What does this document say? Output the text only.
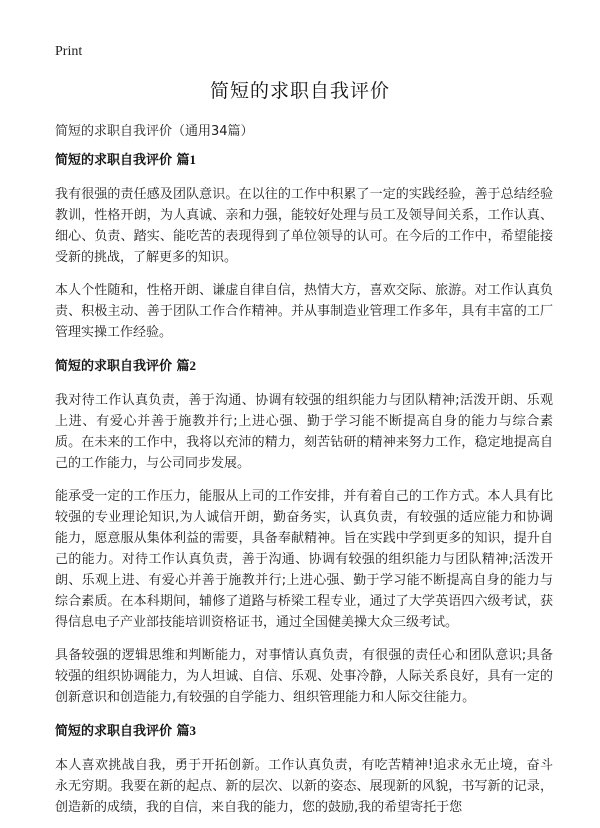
Print
简短的求职自我评价
简短的求职自我评价（通用34篇）
简短的求职自我评价 篇1

我有很强的责任感及团队意识。在以往的工作中积累了一定的实践经验，善于总结经验教训，性格开朗，为人真诚、亲和力强，能较好处理与员工及领导间关系，工作认真、细心、负责、踏实、能吃苦的表现得到了单位领导的认可。在今后的工作中，希望能接受新的挑战，了解更多的知识。

本人个性随和，性格开朗、谦虚自律自信，热情大方，喜欢交际、旅游。对工作认真负责、积极主动、善于团队工作合作精神。并从事制造业管理工作多年，具有丰富的工厂管理实操工作经验。

简短的求职自我评价 篇2

我对待工作认真负责，善于沟通、协调有较强的组织能力与团队精神;活泼开朗、乐观上进、有爱心并善于施教并行;上进心强、勤于学习能不断提高自身的能力与综合素质。在未来的工作中，我将以充沛的精力，刻苦钻研的精神来努力工作，稳定地提高自己的工作能力，与公司同步发展。

能承受一定的工作压力，能服从上司的工作安排，并有着自己的工作方式。本人具有比较强的专业理论知识,为人诚信开朗，勤奋务实，认真负责，有较强的适应能力和协调能力，愿意服从集体利益的需要，具备奉献精神。旨在实践中学到更多的知识，提升自己的能力。对待工作认真负责，善于沟通、协调有较强的组织能力与团队精神;活泼开朗、乐观上进、有爱心并善于施教并行;上进心强、勤于学习能不断提高自身的能力与综合素质。在本科期间，辅修了道路与桥梁工程专业，通过了大学英语四六级考试，获得信息电子产业部技能培训资格证书，通过全国健美操大众三级考试。

具备较强的逻辑思维和判断能力，对事情认真负责，有很强的责任心和团队意识;具备较强的组织协调能力，为人坦诚、自信、乐观、处事冷静，人际关系良好，具有一定的创新意识和创造能力,有较强的自学能力、组织管理能力和人际交往能力。

简短的求职自我评价 篇3

本人喜欢挑战自我，勇于开拓创新。工作认真负责，有吃苦精神!追求永无止境，奋斗永无穷期。我要在新的起点、新的层次、以新的姿态、展现新的风貌，书写新的记录，创造新的成绩，我的自信，来自我的能力，您的鼓励,我的希望寄托于您
